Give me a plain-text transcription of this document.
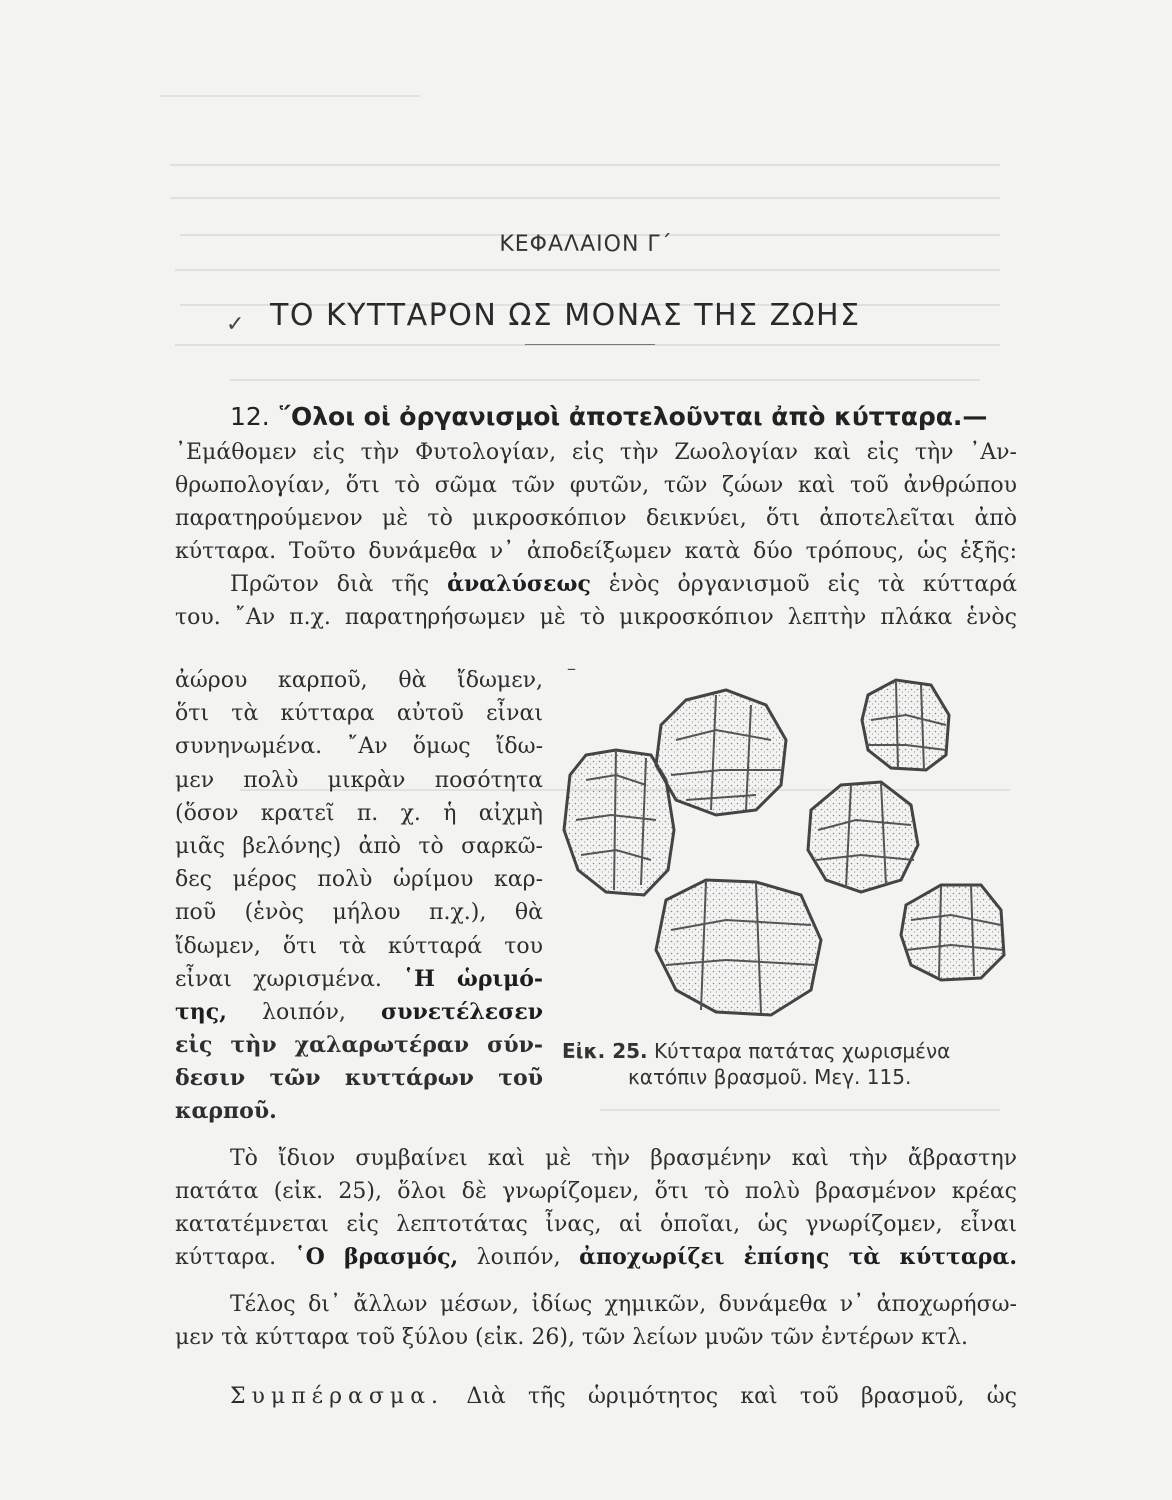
ΚΕΦΑΛΑΙΟΝ Γ΄
✓ ΤΟ ΚΥΤΤΑΡΟΝ ΩΣ ΜΟΝΑΣ ΤΗΣ ΖΩΗΣ
12. ῞Ολοι οἱ ὀργανισμοὶ ἀποτελοῦνται ἀπὸ κύτταρα.—
᾿Εμάθομεν εἰς τὴν Φυτολογίαν, εἰς τὴν Ζωολογίαν καὶ εἰς τὴν ᾿Αν-
θρωπολογίαν, ὅτι τὸ σῶμα τῶν φυτῶν, τῶν ζώων καὶ τοῦ ἀνθρώπου
παρατηρούμενον μὲ τὸ μικροσκόπιον δεικνύει, ὅτι ἀποτελεῖται ἀπὸ
κύτταρα. Τοῦτο δυνάμεθα ν᾿ ἀποδείξωμεν κατὰ δύο τρόπους, ὡς ἑξῆς:
Πρῶτον διὰ τῆς ἀναλύσεως ἑνὸς ὀργανισμοῦ εἰς τὰ κύτταρά
του. ῎Αν π.χ. παρατηρήσωμεν μὲ τὸ μικροσκόπιον λεπτὴν πλάκα ἑνὸς
ἀώρου καρποῦ, θὰ ἴδωμεν,
ὅτι τὰ κύτταρα αὐτοῦ εἶναι
συνηνωμένα. ῎Αν ὅμως ἴδω-
μεν πολὺ μικρὰν ποσότητα
(ὅσον κρατεῖ π. χ. ἡ αἰχμὴ
μιᾶς βελόνης) ἀπὸ τὸ σαρκῶ-
δες μέρος πολὺ ὡρίμου καρ-
ποῦ (ἑνὸς μήλου π.χ.), θὰ
ἴδωμεν, ὅτι τὰ κύτταρά του
εἶναι χωρισμένα. ῾Η ὡριμό-
της, λοιπόν, συνετέλεσεν
εἰς τὴν χαλαρωτέραν σύν-
δεσιν τῶν κυττάρων τοῦ
καρποῦ.
–
Εἰκ. 25. Κύτταρα πατάτας χωρισμένα
κατόπιν βρασμοῦ. Μεγ. 115.
Τὸ ἴδιον συμβαίνει καὶ μὲ τὴν βρασμένην καὶ τὴν ἄβραστην
πατάτα (εἰκ. 25), ὅλοι δὲ γνωρίζομεν, ὅτι τὸ πολὺ βρασμένον κρέας
κατατέμνεται εἰς λεπτοτάτας ἶνας, αἱ ὁποῖαι, ὡς γνωρίζομεν, εἶναι
κύτταρα. ῾Ο βρασμός, λοιπόν, ἀποχωρίζει ἐπίσης τὰ κύτταρα.
Τέλος δι᾿ ἄλλων μέσων, ἰδίως χημικῶν, δυνάμεθα ν᾿ ἀποχωρήσω-
μεν τὰ κύτταρα τοῦ ξύλου (εἰκ. 26), τῶν λείων μυῶν τῶν ἐντέρων κτλ.
Συμπέρασμα. Διὰ τῆς ὡριμότητος καὶ τοῦ βρασμοῦ, ὡς
